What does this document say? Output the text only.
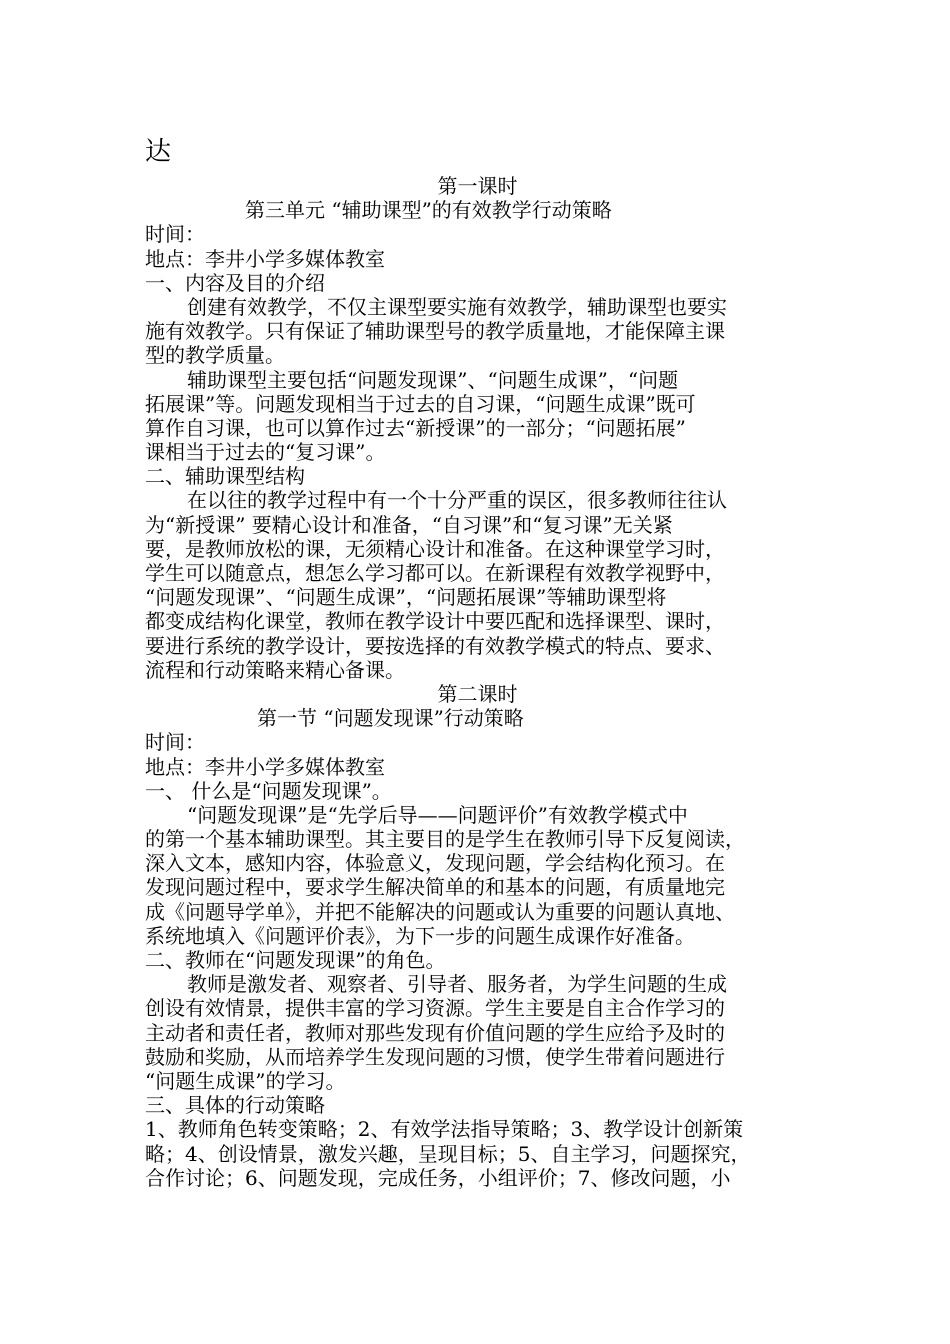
达
第一课时
第三单元 “辅助课型”的有效教学行动策略
时间：
地点：李井小学多媒体教室
一、内容及目的介绍
创建有效教学，不仅主课型要实施有效教学，辅助课型也要实
施有效教学。只有保证了辅助课型号的教学质量地，才能保障主课
型的教学质量。
辅助课型主要包括“问题发现课”、“问题生成课”，“问题
拓展课”等。问题发现相当于过去的自习课，“问题生成课”既可
算作自习课，也可以算作过去“新授课”的一部分；“问题拓展”
课相当于过去的“复习课”。
二、辅助课型结构
在以往的教学过程中有一个十分严重的误区，很多教师往往认
为“新授课” 要精心设计和准备，“自习课”和“复习课”无关紧
要，是教师放松的课，无须精心设计和准备。在这种课堂学习时，
学生可以随意点，想怎么学习都可以。在新课程有效教学视野中，
“问题发现课”、“问题生成课”，“问题拓展课”等辅助课型将
都变成结构化课堂，教师在教学设计中要匹配和选择课型、课时，
要进行系统的教学设计，要按选择的有效教学模式的特点、要求、
流程和行动策略来精心备课。
第二课时
第一节 “问题发现课”行动策略
时间：
地点：李井小学多媒体教室
一、 什么是“问题发现课”。
“问题发现课”是“先学后导——问题评价”有效教学模式中
的第一个基本辅助课型。其主要目的是学生在教师引导下反复阅读，
深入文本，感知内容，体验意义，发现问题，学会结构化预习。在
发现问题过程中，要求学生解决简单的和基本的问题，有质量地完
成《问题导学单》，并把不能解决的问题或认为重要的问题认真地、
系统地填入《问题评价表》，为下一步的问题生成课作好准备。
二、教师在“问题发现课”的角色。
教师是激发者、观察者、引导者、服务者，为学生问题的生成
创设有效情景，提供丰富的学习资源。学生主要是自主合作学习的
主动者和责任者，教师对那些发现有价值问题的学生应给予及时的
鼓励和奖励，从而培养学生发现问题的习惯，使学生带着问题进行
“问题生成课”的学习。
三、具体的行动策略
1、教师角色转变策略；2、有效学法指导策略；3、教学设计创新策
略；4、创设情景，激发兴趣，呈现目标；5、自主学习，问题探究，
合作讨论；6、问题发现，完成任务，小组评价；7、修改问题，小
